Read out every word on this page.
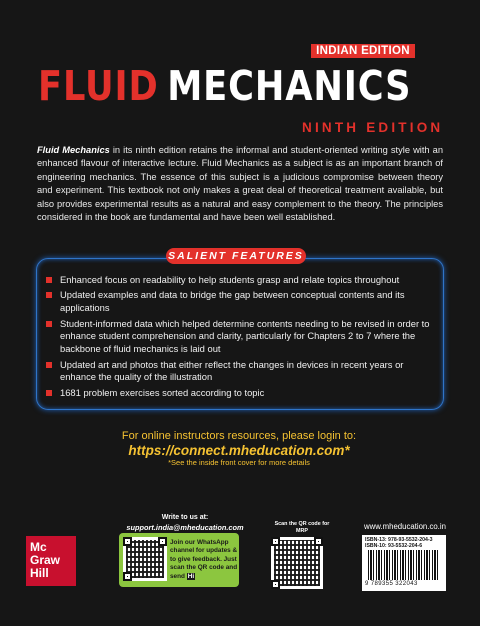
INDIAN EDITION
FLUID MECHANICS
NINTH EDITION
Fluid Mechanics in its ninth edition retains the informal and student-oriented writing style with an enhanced flavour of interactive lecture. Fluid Mechanics as a subject is as an important branch of engineering mechanics. The essence of this subject is a judicious compromise between theory and experiment. This textbook not only makes a great deal of theoretical treatment available, but also provides experimental results as a natural and easy complement to the theory. The principles considered in the book are fundamental and have been well established.
SALIENT FEATURES
Enhanced focus on readability to help students grasp and relate topics throughout
Updated examples and data to bridge the gap between conceptual contents and its applications
Student-informed data which helped determine contents needing to be revised in order to enhance student comprehension and clarity, particularly for Chapters 2 to 7 where the backbone of fluid mechanics is laid out
Updated art and photos that either reflect the changes in devices in recent years or enhance the quality of the illustration
1681 problem exercises sorted according to topic
For online instructors resources, please login to:
https://connect.mheducation.com*
*See the inside front cover for more details
Mc
Graw
Hill
Write to us at:
support.india@mheducation.com
Join our WhatsApp channel for updates & to give feedback. Just scan the QR code and send Hi
Scan the QR code for MRP	www.mheducation.co.in
ISBN-13: 978-93-5532-204-3
ISBN-10: 93-5532-204-6
9 789355 322043
